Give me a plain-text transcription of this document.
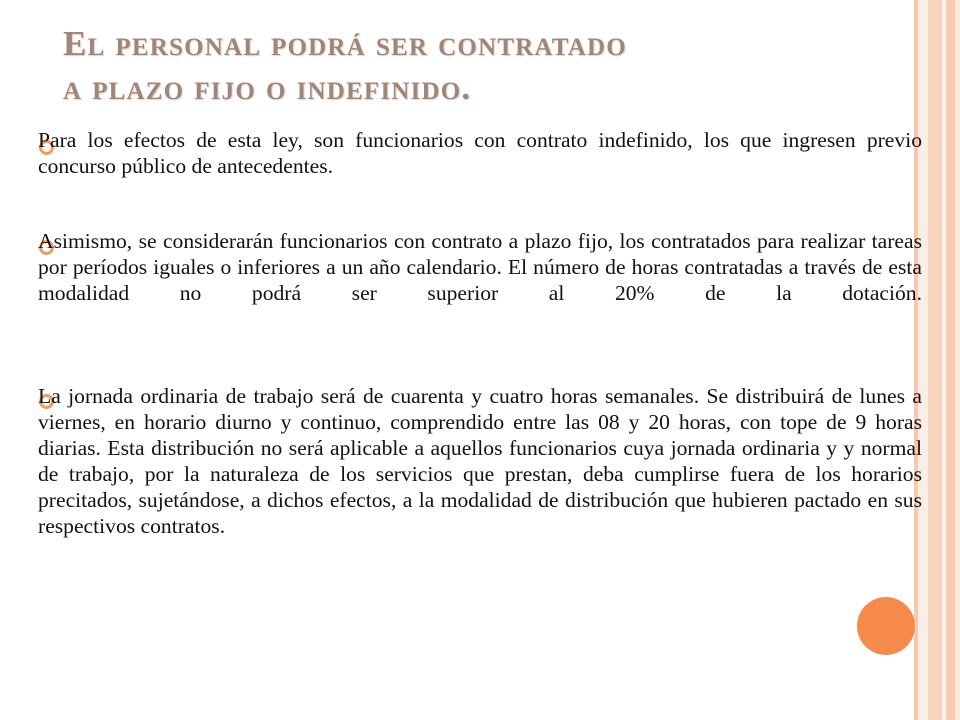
El personal podrá ser contratado
a plazo fijo o indefinido.

Para los efectos de esta ley, son funcionarios con contrato indefinido, los que ingresen previo concurso público de antecedentes.

Asimismo, se considerarán funcionarios con contrato a plazo fijo, los contratados para realizar tareas por períodos iguales o inferiores a un año calendario. El número de horas contratadas a través de esta modalidad no podrá ser superior al 20% de la dotación.

La jornada ordinaria de trabajo será de cuarenta y cuatro horas semanales. Se distribuirá de lunes a viernes, en horario diurno y continuo, comprendido entre las 08 y 20 horas, con tope de 9 horas diarias. Esta distribución no será aplicable a aquellos funcionarios cuya jornada ordinaria y y normal de trabajo, por la naturaleza de los servicios que prestan, deba cumplirse fuera de los horarios precitados, sujetándose, a dichos efectos, a la modalidad de distribución que hubieren pactado en sus respectivos contratos.
